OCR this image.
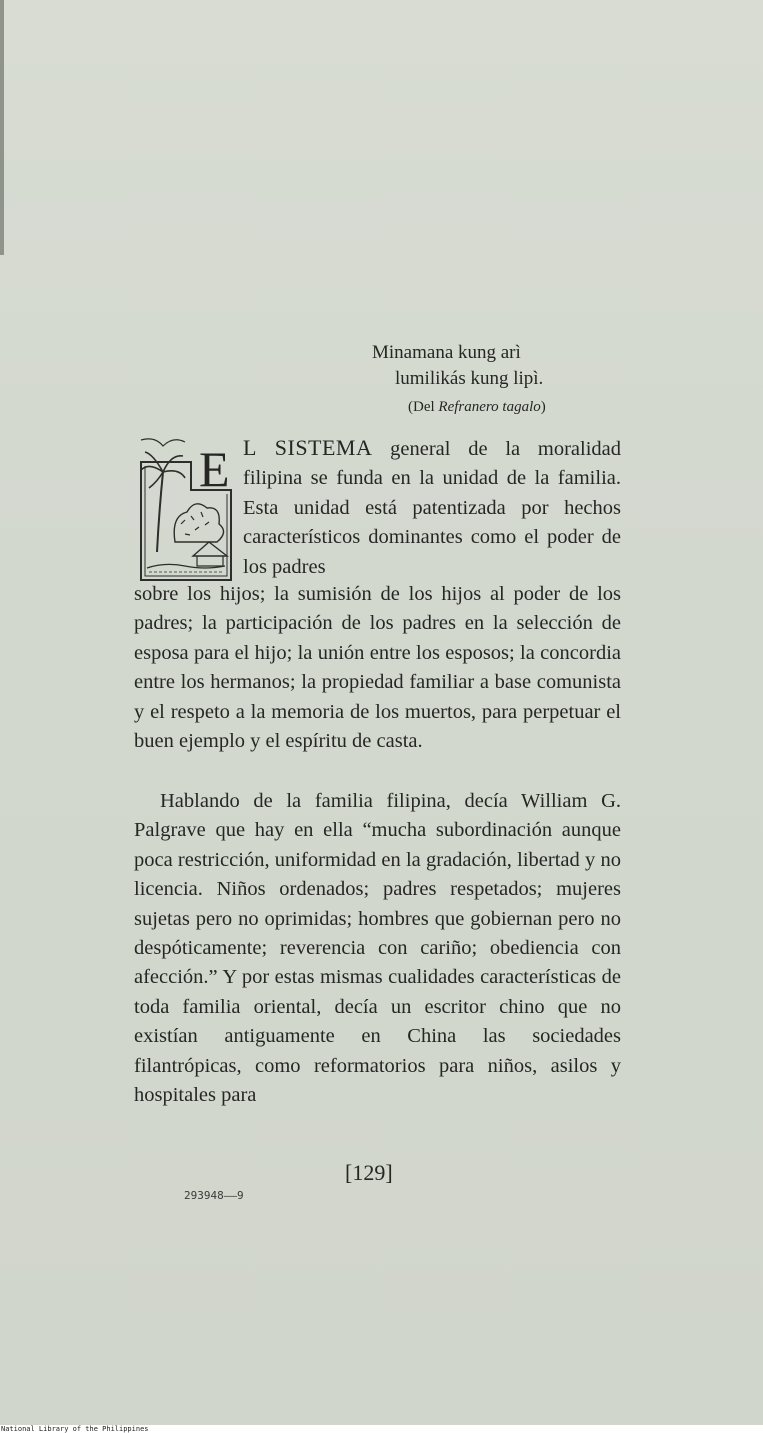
Minamana kung arì
lumilikás kung lipì.
(Del Refranero tagalo)
E L SISTEMA general de la moralidad filipina se funda en la unidad de la familia. Esta unidad está patentizada por hechos característicos dominantes como el poder de los padres

sobre los hijos; la sumisión de los hijos al poder de los padres; la participación de los padres en la selección de esposa para el hijo; la unión entre los esposos; la concordia entre los hermanos; la propiedad familiar a base comunista y el respeto a la memoria de los muertos, para perpetuar el buen ejemplo y el espíritu de casta.

Hablando de la familia filipina, decía William G. Palgrave que hay en ella “mucha subordinación aunque poca restricción, uniformidad en la gradación, libertad y no licencia. Niños ordenados; padres respetados; mujeres sujetas pero no oprimidas; hombres que gobiernan pero no despóticamente; reverencia con cariño; obediencia con afección.” Y por estas mismas cualidades características de toda familia oriental, decía un escritor chino que no existían antiguamente en China las sociedades filantrópicas, como reformatorios para niños, asilos y hospitales para

[129]
293948——9
National Library of the Philippines
